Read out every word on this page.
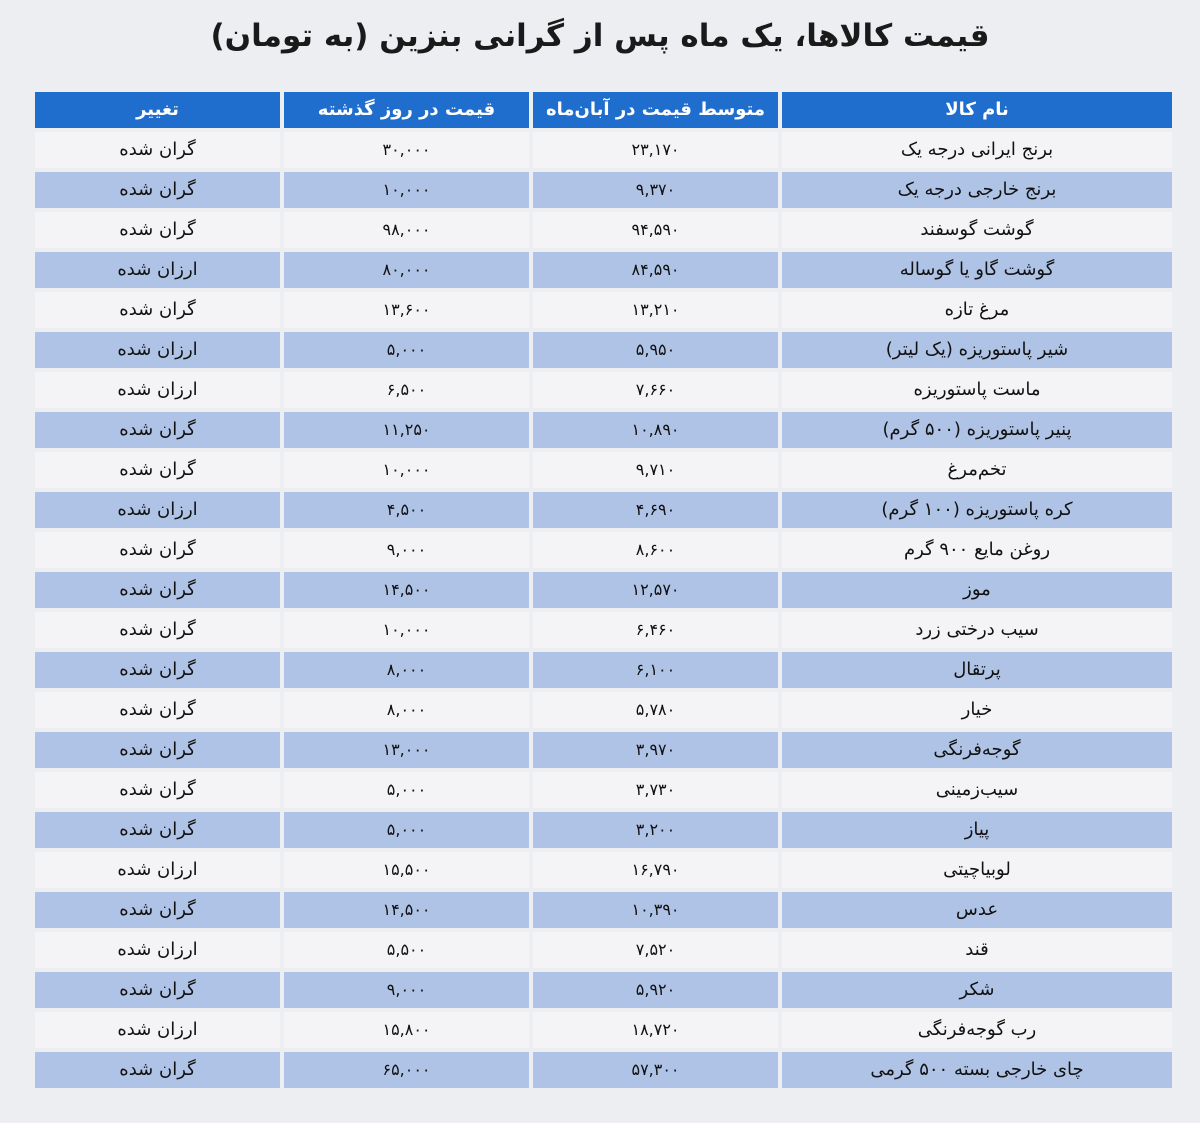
قیمت کالاها، یک ماه پس از گرانی بنزین (به تومان)
نام کالا
متوسط قیمت در آبان‌ماه
قیمت در روز گذشته
تغییر
برنج ایرانی درجه یک
۲۳,۱۷۰
۳۰,۰۰۰
گران شده
برنج خارجی درجه یک
۹,۳۷۰
۱۰,۰۰۰
گران شده
گوشت گوسفند
۹۴,۵۹۰
۹۸,۰۰۰
گران شده
گوشت گاو یا گوساله
۸۴,۵۹۰
۸۰,۰۰۰
ارزان شده
مرغ تازه
۱۳,۲۱۰
۱۳,۶۰۰
گران شده
شیر پاستوریزه (یک لیتر)
۵,۹۵۰
۵,۰۰۰
ارزان شده
ماست پاستوریزه
۷,۶۶۰
۶,۵۰۰
ارزان شده
پنیر پاستوریزه (۵۰۰ گرم)
۱۰,۸۹۰
۱۱,۲۵۰
گران شده
تخم‌مرغ
۹,۷۱۰
۱۰,۰۰۰
گران شده
کره پاستوریزه (۱۰۰ گرم)
۴,۶۹۰
۴,۵۰۰
ارزان شده
روغن مایع ۹۰۰ گرم
۸,۶۰۰
۹,۰۰۰
گران شده
موز
۱۲,۵۷۰
۱۴,۵۰۰
گران شده
سیب درختی زرد
۶,۴۶۰
۱۰,۰۰۰
گران شده
پرتقال
۶,۱۰۰
۸,۰۰۰
گران شده
خیار
۵,۷۸۰
۸,۰۰۰
گران شده
گوجه‌فرنگی
۳,۹۷۰
۱۳,۰۰۰
گران شده
سیب‌زمینی
۳,۷۳۰
۵,۰۰۰
گران شده
پیاز
۳,۲۰۰
۵,۰۰۰
گران شده
لوبیاچیتی
۱۶,۷۹۰
۱۵,۵۰۰
ارزان شده
عدس
۱۰,۳۹۰
۱۴,۵۰۰
گران شده
قند
۷,۵۲۰
۵,۵۰۰
ارزان شده
شکر
۵,۹۲۰
۹,۰۰۰
گران شده
رب گوجه‌فرنگی
۱۸,۷۲۰
۱۵,۸۰۰
ارزان شده
چای خارجی بسته ۵۰۰ گرمی
۵۷,۳۰۰
۶۵,۰۰۰
گران شده
